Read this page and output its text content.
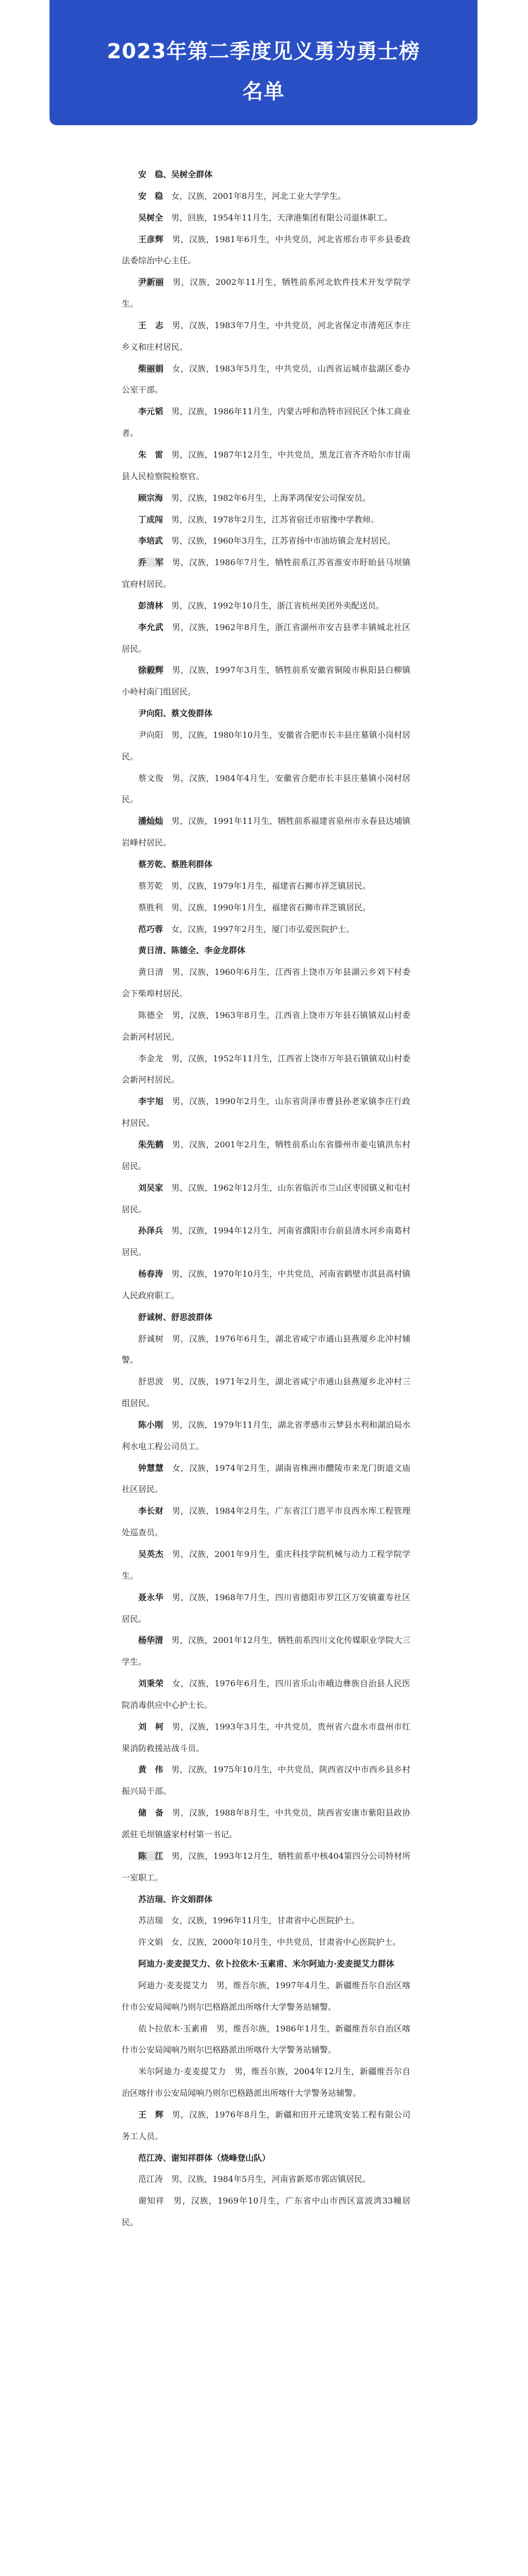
2023年第二季度见义勇为勇士榜
名单

安　稳、吴树全群体

安　稳　女，汉族，2001年8月生，河北工业大学学生。

吴树全　男，回族，1954年11月生，天津港集团有限公司退休职工。

王彦辉　男，汉族，1981年6月生，中共党员，河北省邢台市平乡县委政法委综治中心主任。

尹新丽　男，汉族，2002年11月生，牺牲前系河北软件技术开发学院学生。

王　志　男，汉族，1983年7月生，中共党员，河北省保定市清苑区李庄乡义和庄村居民。

柴丽娟　女，汉族，1983年5月生，中共党员，山西省运城市盐湖区委办公室干部。

李元韬　男，汉族，1986年11月生，内蒙古呼和浩特市回民区个体工商业者。

朱　雷　男，汉族，1987年12月生，中共党员，黑龙江省齐齐哈尔市甘南县人民检察院检察官。

顾宗海　男，汉族，1982年6月生，上海茅鸿保安公司保安员。

丁成闯　男，汉族，1978年2月生，江苏省宿迁市宿豫中学教师。

李培武　男，汉族，1960年3月生，江苏省扬中市油坊镇会龙村居民。

乔　军　男，汉族，1986年7月生，牺牲前系江苏省淮安市盱眙县马坝镇宜府村居民。

彭清林　男，汉族，1992年10月生，浙江省杭州美团外卖配送员。

李允武　男，汉族，1962年8月生，浙江省湖州市安吉县孝丰镇城北社区居民。

徐毅辉　男，汉族，1997年3月生，牺牲前系安徽省铜陵市枞阳县白柳镇小岭村南门组居民。

尹向阳、蔡文俊群体

尹向阳　男，汉族，1980年10月生，安徽省合肥市长丰县庄墓镇小岗村居民。

蔡文俊　男，汉族，1984年4月生，安徽省合肥市长丰县庄墓镇小岗村居民。

潘灿灿　男，汉族，1991年11月生，牺牲前系福建省泉州市永春县达埔镇岩峰村居民。

蔡芳乾、蔡胜利群体

蔡芳乾　男，汉族，1979年1月生，福建省石狮市祥芝镇居民。

蔡胜利　男，汉族，1990年1月生，福建省石狮市祥芝镇居民。

范巧蓉　女，汉族，1997年2月生，厦门市弘爱医院护士。

黄日清、陈德全、李金龙群体

黄日清　男，汉族，1960年6月生，江西省上饶市万年县湖云乡刘下村委会下柴埠村居民。

陈德全　男，汉族，1963年8月生，江西省上饶市万年县石镇镇双山村委会新河村居民。

李金龙　男，汉族，1952年11月生，江西省上饶市万年县石镇镇双山村委会新河村居民。

李宇旭　男，汉族，1990年2月生，山东省菏泽市曹县孙老家镇李庄行政村居民。

朱先鹤　男，汉族，2001年2月生，牺牲前系山东省滕州市姜屯镇洪东村居民。

刘吴家　男，汉族，1962年12月生，山东省临沂市兰山区枣园镇义和屯村居民。

孙泽兵　男，汉族，1994年12月生，河南省濮阳市台前县清水河乡南葛村居民。

杨春涛　男，汉族，1970年10月生，中共党员，河南省鹤壁市淇县高村镇人民政府职工。

舒诚树、舒思波群体

舒诚树　男，汉族，1976年6月生，湖北省咸宁市通山县燕厦乡北冲村辅警。

舒思波　男，汉族，1971年2月生，湖北省咸宁市通山县燕厦乡北冲村三组居民。

陈小刚　男，汉族，1979年11月生，湖北省孝感市云梦县水利和湖泊局水利水电工程公司员工。

钟慧慧　女，汉族，1974年2月生，湖南省株洲市醴陵市来龙门街道文庙社区居民。

李长财　男，汉族，1984年2月生，广东省江门恩平市良西水库工程管理处巡查员。

吴英杰　男，汉族，2001年9月生，重庆科技学院机械与动力工程学院学生。

聂永华　男，汉族，1968年7月生，四川省德阳市罗江区万安镇董寿社区居民。

杨华清　男，汉族，2001年12月生，牺牲前系四川文化传媒职业学院大三学生。

刘秉荣　女，汉族，1976年6月生，四川省乐山市峨边彝族自治县人民医院消毒供应中心护士长。

刘　柯　男，汉族，1993年3月生，中共党员，贵州省六盘水市盘州市红果消防救援站战斗员。

黄　伟　男，汉族，1975年10月生，中共党员，陕西省汉中市西乡县乡村振兴局干部。

储　备　男，汉族，1988年8月生，中共党员，陕西省安康市紫阳县政协派驻毛坝镇盛家村村第一书记。

陈　江　男，汉族，1993年12月生，牺牲前系中核404第四分公司特材所一室职工。

苏洁瑞、许文娟群体

苏洁瑞　女，汉族，1996年11月生，甘肃省中心医院护士。

许文娟　女，汉族，2000年10月生，中共党员，甘肃省中心医院护士。

阿迪力·麦麦提艾力、依卜拉依木·玉素甫、米尔阿迪力·麦麦提艾力群体

阿迪力·麦麦提艾力　男，维吾尔族，1997年4月生，新疆维吾尔自治区喀什市公安局闻响乃则尔巴格路派出所喀什大学警务站辅警。

依卜拉依木·玉素甫　男，维吾尔族，1986年1月生，新疆维吾尔自治区喀什市公安局闻响乃则尔巴格路派出所喀什大学警务站辅警。

米尔阿迪力·麦麦提艾力　男，维吾尔族，2004年12月生，新疆维吾尔自治区喀什市公安局闻响乃则尔巴格路派出所喀什大学警务站辅警。

王　辉　男，汉族，1976年8月生，新疆和田开元建筑安装工程有限公司务工人员。

范江涛、谢知祥群体（烧峰登山队）

范江涛　男，汉族，1984年5月生，河南省新郑市郭店镇居民。

谢知祥　男，汉族，1969年10月生，广东省中山市西区富波湾33幢居民。
